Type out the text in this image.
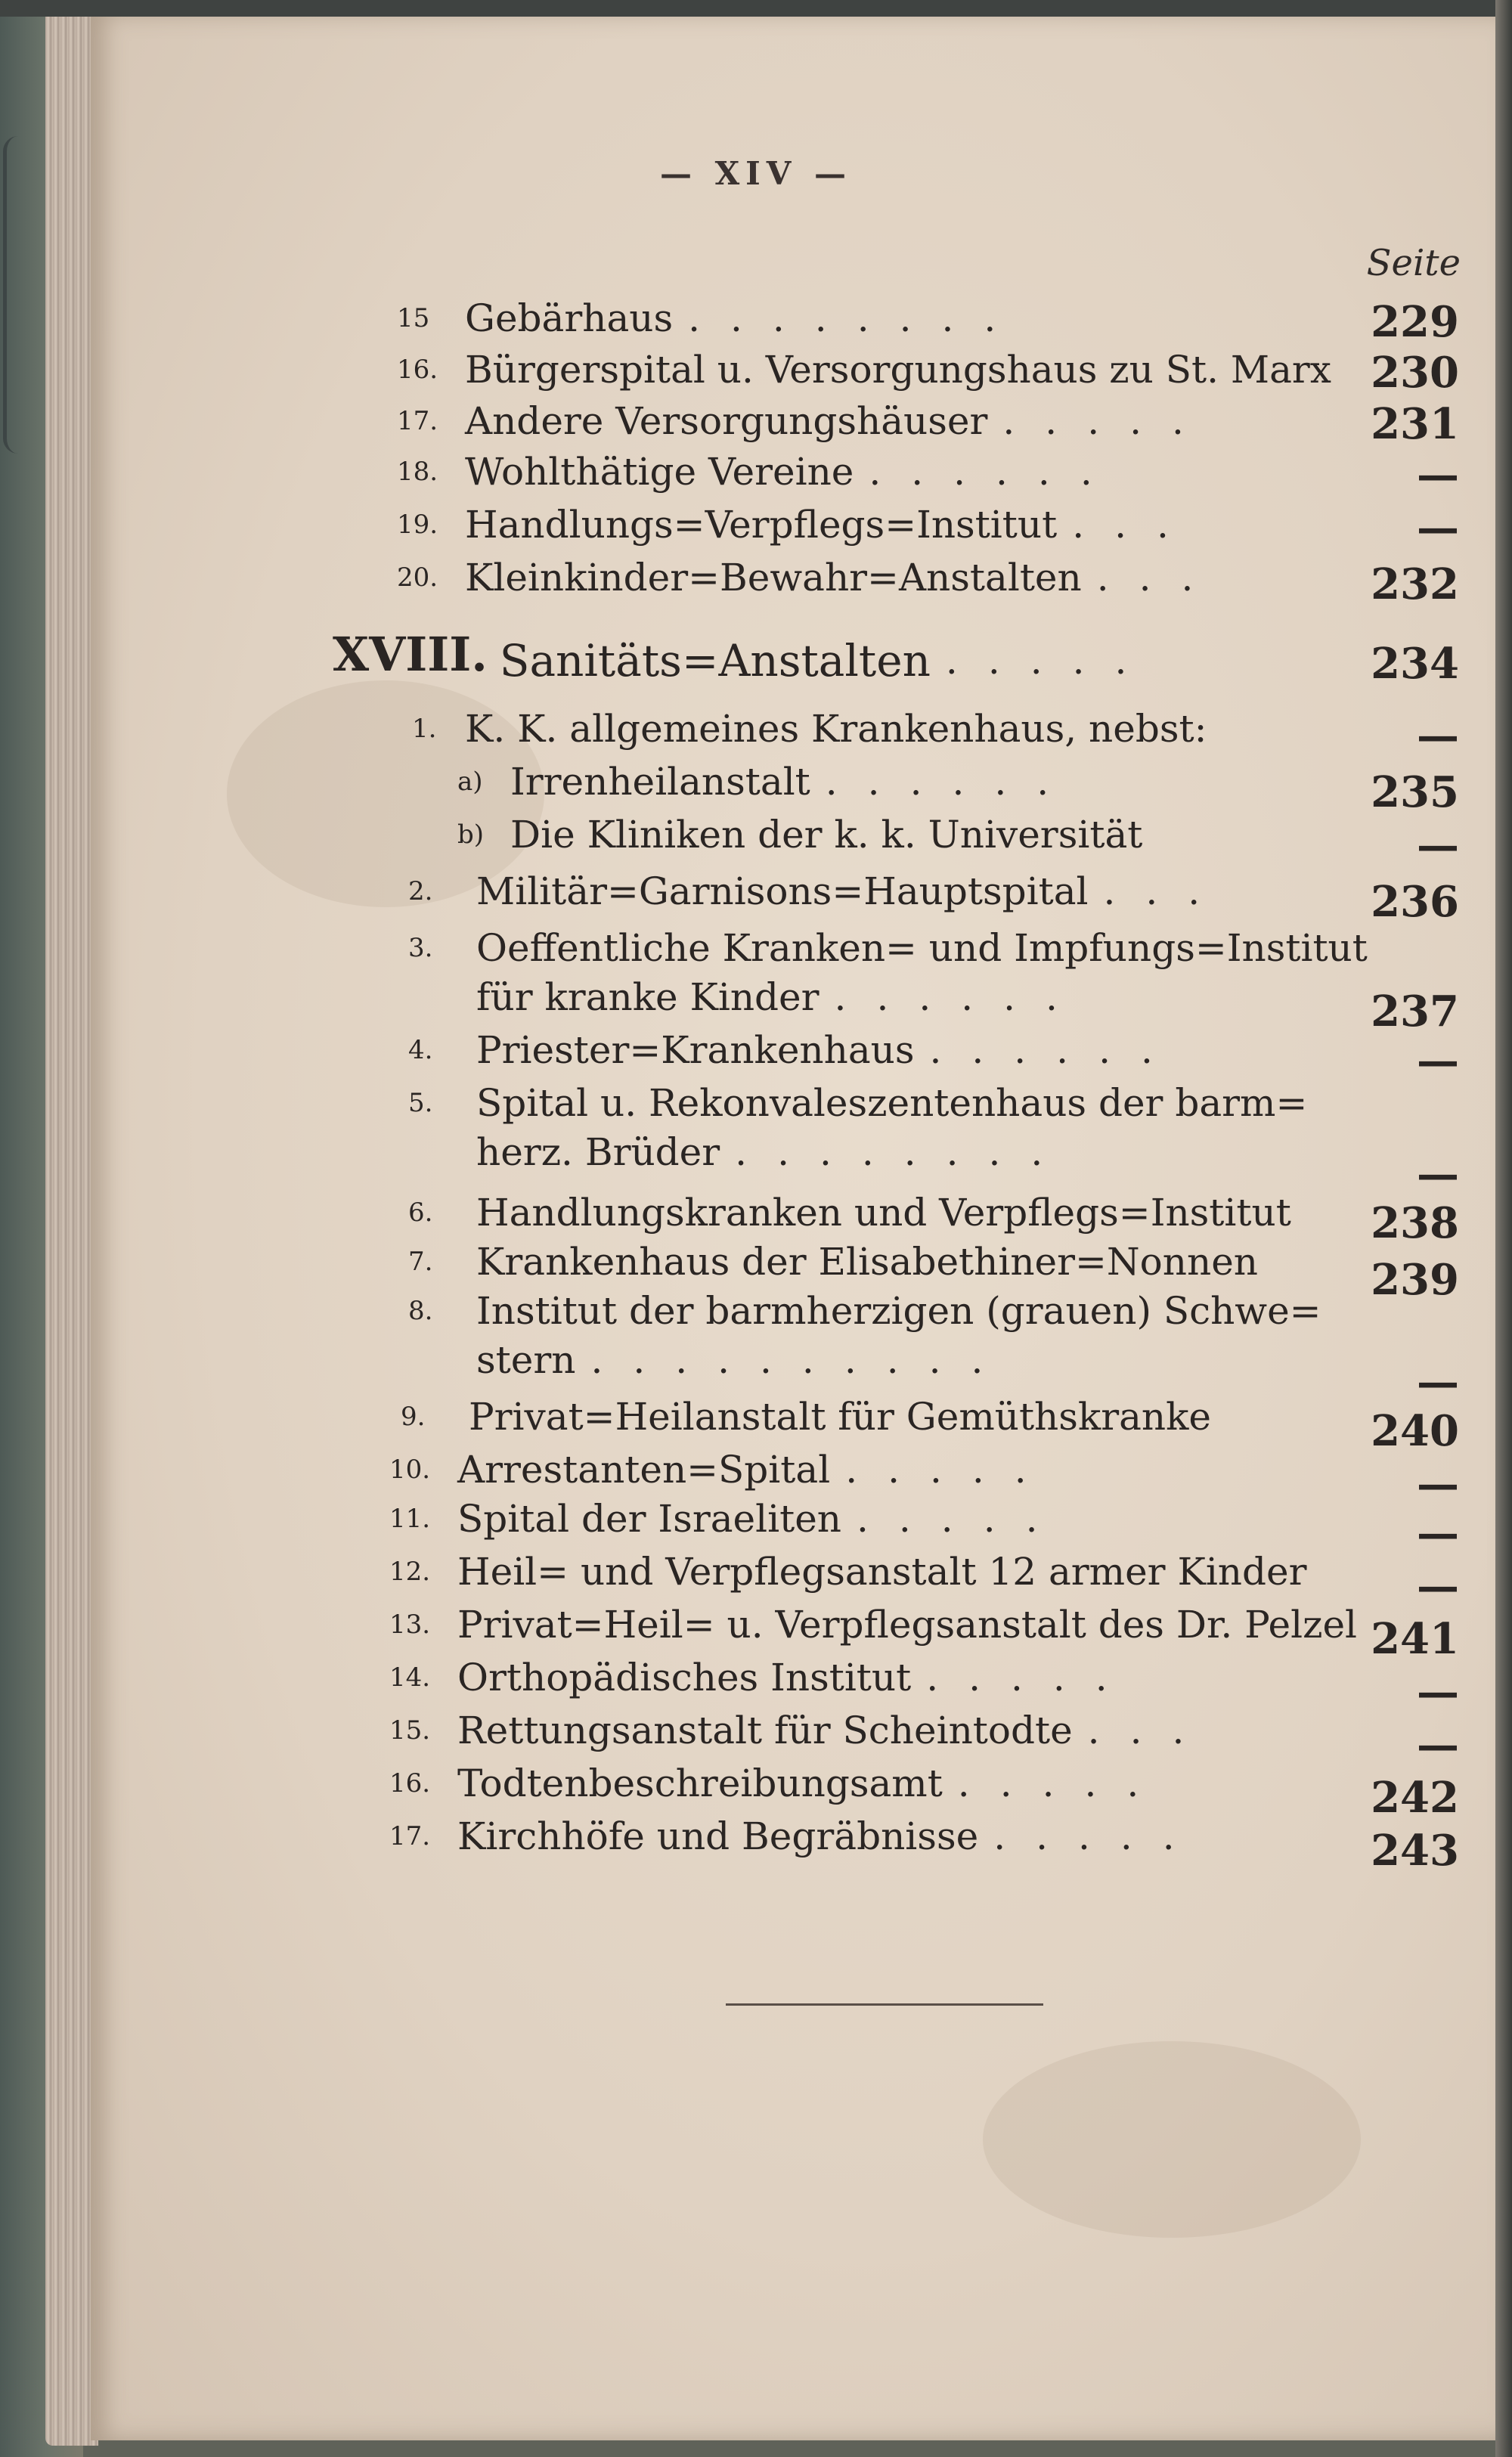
— XIV —
Seite
15 Gebärhaus ........	229
16. Bürgerspital u. Versorgungshaus zu St. Marx 230
17. Andere Versorgungshäuser .....	231
18. Wohlthätige Vereine ......	—
19. Handlungs=Verpflegs=Institut ...	—
20. Kleinkinder=Bewahr=Anstalten ...	232
XVIII. Sanitäts=Anstalten .....	234
1. K. K. allgemeines Krankenhaus, nebst:	—
a) Irrenheilanstalt ......	235
b) Die Kliniken der k. k. Universität	—
2. Militär=Garnisons=Hauptspital ...	236
3. Oeffentliche Kranken= und Impfungs=Institut
für kranke Kinder ......	237
4. Priester=Krankenhaus ......	—
5. Spital u. Rekonvaleszentenhaus der barm=
herz. Brüder ........	—
6. Handlungskranken und Verpflegs=Institut 238
7. Krankenhaus der Elisabethiner=Nonnen	239
8. Institut der barmherzigen (grauen) Schwe=
stern ..........	—
9. Privat=Heilanstalt für Gemüthskranke	240
10. Arrestanten=Spital .....	—
11. Spital der Israeliten .....	—
12. Heil= und Verpflegsanstalt 12 armer Kinder	—
13. Privat=Heil= u. Verpflegsanstalt des Dr. Pelzel 241
14. Orthopädisches Institut .....	—
15. Rettungsanstalt für Scheintodte ...	—
16. Todtenbeschreibungsamt .....	242
17. Kirchhöfe und Begräbnisse .....	243
